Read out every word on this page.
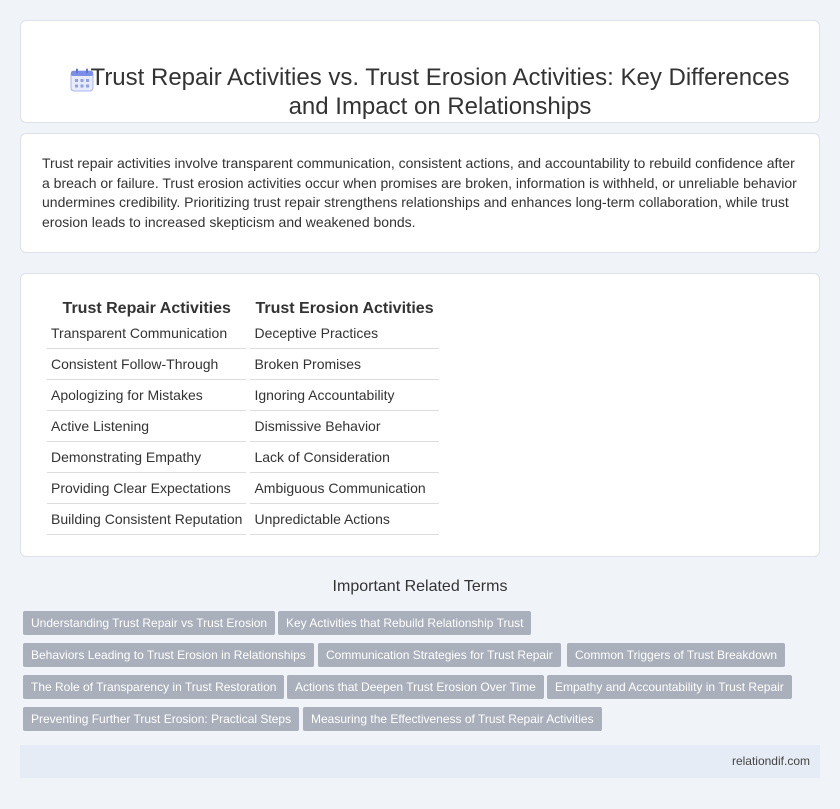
Trust Repair Activities vs. Trust Erosion Activities: Key Differences and Impact on Relationships

Trust repair activities involve transparent communication, consistent actions, and accountability to rebuild confidence after a breach or failure. Trust erosion activities occur when promises are broken, information is withheld, or unreliable behavior undermines credibility. Prioritizing trust repair strengthens relationships and enhances long-term collaboration, while trust erosion leads to increased skepticism and weakened bonds.

Trust Repair Activities	Trust Erosion Activities
Transparent Communication	Deceptive Practices
Consistent Follow-Through	Broken Promises
Apologizing for Mistakes	Ignoring Accountability
Active Listening	Dismissive Behavior
Demonstrating Empathy	Lack of Consideration
Providing Clear Expectations	Ambiguous Communication
Building Consistent Reputation	Unpredictable Actions
Important Related Terms
Understanding Trust Repair vs Trust Erosion	Key Activities that Rebuild Relationship Trust
Behaviors Leading to Trust Erosion in Relationships	Communication Strategies for Trust Repair	Common Triggers of Trust Breakdown
The Role of Transparency in Trust Restoration	Actions that Deepen Trust Erosion Over Time	Empathy and Accountability in Trust Repair
Preventing Further Trust Erosion: Practical Steps	Measuring the Effectiveness of Trust Repair Activities
relationdif.com
